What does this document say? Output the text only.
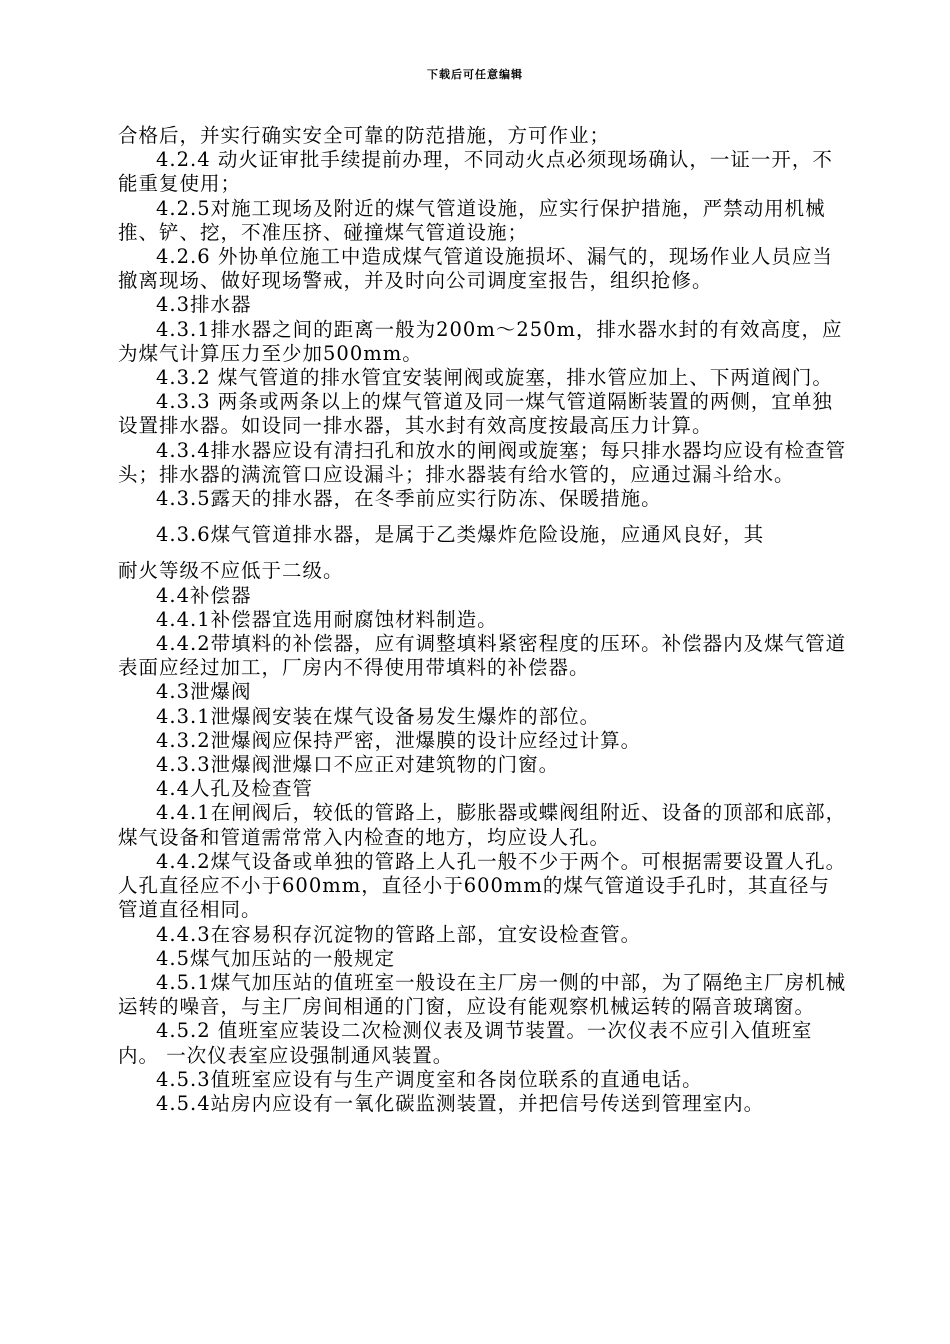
下载后可任意编辑

合格后，并实行确实安全可靠的防范措施，方可作业；

4.2.4 动火证审批手续提前办理，不同动火点必须现场确认，一证一开，不能重复使用；

4.2.5对施工现场及附近的煤气管道设施，应实行保护措施，严禁动用机械推、铲、挖，不准压挤、碰撞煤气管道设施；

4.2.6 外协单位施工中造成煤气管道设施损坏、漏气的，现场作业人员应当撤离现场、做好现场警戒，并及时向公司调度室报告，组织抢修。

4.3排水器

4.3.1排水器之间的距离一般为200m～250m，排水器水封的有效高度，应为煤气计算压力至少加500mm。

4.3.2 煤气管道的排水管宜安装闸阀或旋塞，排水管应加上、下两道阀门。

4.3.3 两条或两条以上的煤气管道及同一煤气管道隔断装置的两侧，宜单独设置排水器。如设同一排水器，其水封有效高度按最高压力计算。

4.3.4排水器应设有清扫孔和放水的闸阀或旋塞；每只排水器均应设有检查管头；排水器的满流管口应设漏斗；排水器装有给水管的，应通过漏斗给水。

4.3.5露天的排水器，在冬季前应实行防冻、保暖措施。

4.3.6煤气管道排水器，是属于乙类爆炸危险设施，应通风良好，其

耐火等级不应低于二级。

4.4补偿器

4.4.1补偿器宜选用耐腐蚀材料制造。

4.4.2带填料的补偿器，应有调整填料紧密程度的压环。补偿器内及煤气管道表面应经过加工，厂房内不得使用带填料的补偿器。

4.3泄爆阀

4.3.1泄爆阀安装在煤气设备易发生爆炸的部位。

4.3.2泄爆阀应保持严密，泄爆膜的设计应经过计算。

4.3.3泄爆阀泄爆口不应正对建筑物的门窗。

4.4人孔及检查管

4.4.1在闸阀后，较低的管路上，膨胀器或蝶阀组附近、设备的顶部和底部，煤气设备和管道需常常入内检查的地方，均应设人孔。

4.4.2煤气设备或单独的管路上人孔一般不少于两个。可根据需要设置人孔。人孔直径应不小于600mm，直径小于600mm的煤气管道设手孔时，其直径与管道直径相同。

4.4.3在容易积存沉淀物的管路上部，宜安设检查管。

4.5煤气加压站的一般规定

4.5.1煤气加压站的值班室一般设在主厂房一侧的中部，为了隔绝主厂房机械运转的噪音，与主厂房间相通的门窗，应设有能观察机械运转的隔音玻璃窗。

4.5.2 值班室应装设二次检测仪表及调节装置。一次仪表不应引入值班室内。 一次仪表室应设强制通风装置。

4.5.3值班室应设有与生产调度室和各岗位联系的直通电话。

4.5.4站房内应设有一氧化碳监测装置，并把信号传送到管理室内。
